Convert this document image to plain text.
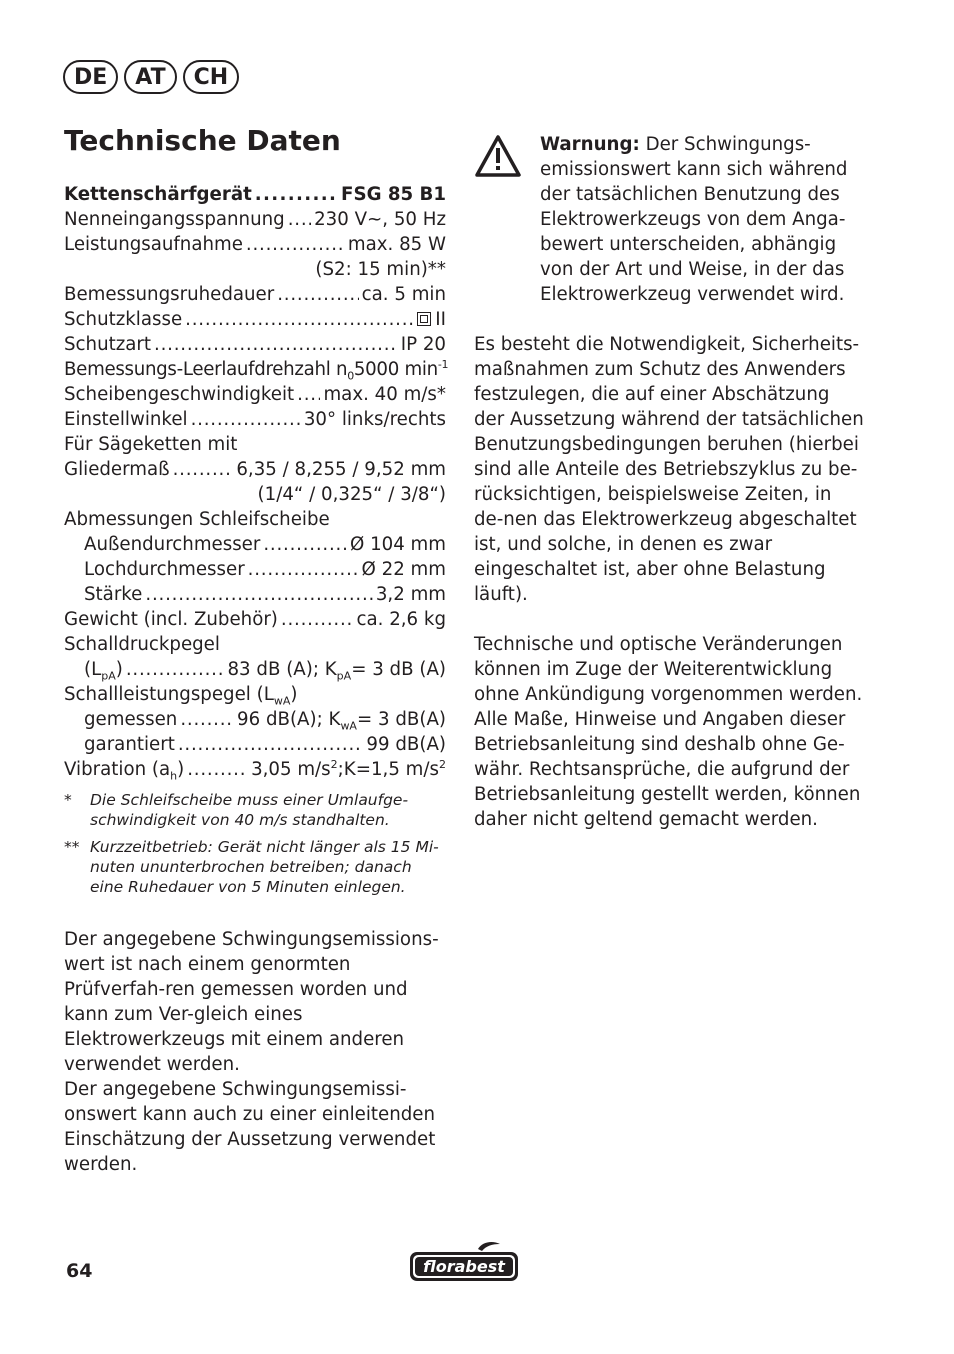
DE	AT	CH
Technische Daten
Kettenschärfgerät . . .	FSG 85 B1
Nenneingangsspannung . . . 230 V~, 50 Hz
Leistungsaufnahme . . .	max. 85 W
(S2: 15 min)**
Bemessungsruhedauer . . .	ca. 5 min
Schutzklasse . . .	II
Schutzart . . .	IP 20
Bemessungs-Leerlaufdrehzahl $n_0$ 5000 $\min^{-1}$
Scheibengeschwindigkeit . . . max. 40 m/s*
Einstellwinkel . . .	30° links/rechts
Für Sägeketten mit
Gliedermaß . . .	6,35 / 8,255 / 9,52 mm
(1/4“ / 0,325“ / 3/8“)
Abmessungen Schleifscheibe
Außendurchmesser . . .	Ø 104 mm
Lochdurchmesser . . .	Ø 22 mm
Stärke . . .	3,2 mm
Gewicht (incl. Zubehör) . . .	ca. 2,6 kg
Schalldruckpegel
$(L_{pA})$ . . .	83 dB (A); $K_{pA}= 3$ dB (A)
Schallleistungspegel $(L_{wA})$
gemessen . . .	96 dB(A); $K_{wA}= 3$ dB(A)
garantiert . . .	99 dB(A)
Vibration $(a_h)$ . . .	3,05 $m/s^2;K=1,5$ $m/s^2$
*	Die Schleifscheibe muss einer Umlaufge-schwindigkeit von 40 m/s standhalten.
** Kurzzeitbetrieb: Gerät nicht länger als 15 Mi-nuten ununterbrochen betreiben; danach eine Ruhedauer von 5 Minuten einlegen.

Der angegebene Schwingungsemissions-wert ist nach einem genormten Prüfverfah-ren gemessen worden und kann zum Ver-gleich eines Elektrowerkzeugs mit einem anderen verwendet werden.

Der angegebene Schwingungsemissi-onswert kann auch zu einer einleitenden Einschätzung der Aussetzung verwendet werden.

Warnung: Der Schwingungs-emissionswert kann sich während der tatsächlichen Benutzung des Elektrowerkzeugs von dem Anga-bewert unterscheiden, abhängig von der Art und Weise, in der das Elektrowerkzeug verwendet wird.

Es besteht die Notwendigkeit, Sicherheits-maßnahmen zum Schutz des Anwenders festzulegen, die auf einer Abschätzung der Aussetzung während der tatsächlichen Benutzungsbedingungen beruhen (hierbei sind alle Anteile des Betriebszyklus zu be-rücksichtigen, beispielsweise Zeiten, in de-nen das Elektrowerkzeug abgeschaltet ist, und solche, in denen es zwar eingeschaltet ist, aber ohne Belastung läuft).

Technische und optische Veränderungen können im Zuge der Weiterentwicklung ohne Ankündigung vorgenommen werden. Alle Maße, Hinweise und Angaben dieser Betriebsanleitung sind deshalb ohne Ge-währ. Rechtsansprüche, die aufgrund der Betriebsanleitung gestellt werden, können daher nicht geltend gemacht werden.

64	florabest
